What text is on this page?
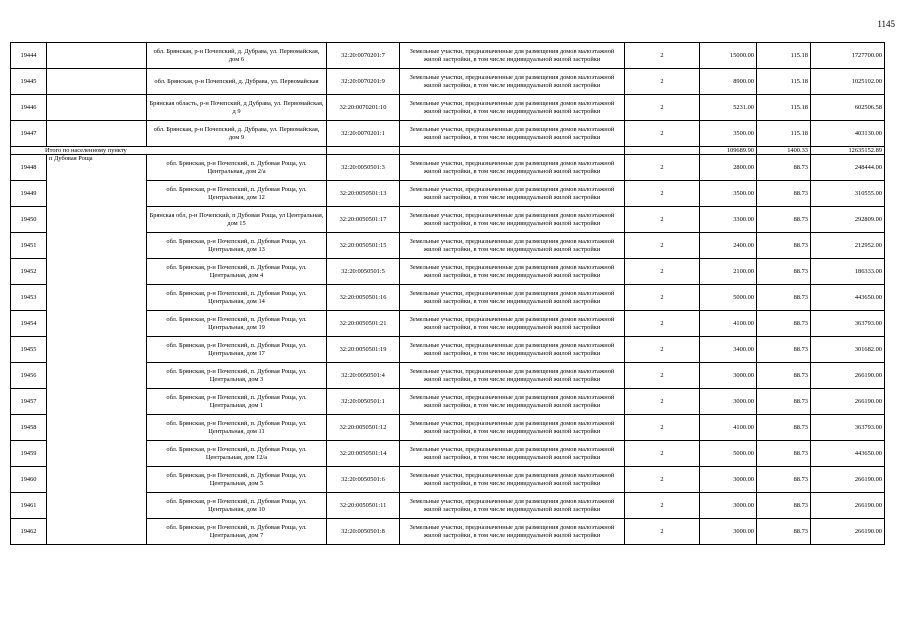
1145
19444		обл. Брянская, р-н Почепский, д. Дубрава, ул. Первомайская, дом 6	32:20:0070201:7	Земельные участки, предназначенные для размещения домов малоэтажной жилой застройки, в том числе индивидуальной жилой застройки	2	15000.00	115.18	1727700.00
19445		обл. Брянская, р-н Почепский, д. Дубрава, ул. Первомайская	32:20:0070201:9	Земельные участки, предназначенные для размещения домов малоэтажной жилой застройки, в том числе индивидуальной жилой застройки	2	8900.00	115.18	1025102.00
19446		Брянская область, р-н Почепский, д Дубрава, ул. Первомайская, д 9	32:20:0070201:10	Земельные участки, предназначенные для размещения домов малоэтажной жилой застройки, в том числе индивидуальной жилой застройки	2	5231.00	115.18	602506.58
19447		обл. Брянская, р-н Почепский, д. Дубрава, ул. Первомайская, дом 9	32:20:0070201:1	Земельные участки, предназначенные для размещения домов малоэтажной жилой застройки, в том числе индивидуальной жилой застройки	2	3500.00	115.18	403130.00
Итого по населенному пункту						109689.90	1400.33	12635152.89
19448	п Дубовая Роща	обл. Брянская, р-н Почепский, п. Дубовая Роща, ул. Центральная, дом 2/а	32:20:0050501:3	Земельные участки, предназначенные для размещения домов малоэтажной жилой застройки, в том числе индивидуальной жилой застройки	2	2800.00	88.73	248444.00
19449		обл. Брянская, р-н Почепский, п. Дубовая Роща, ул. Центральная, дом 12	32:20:0050501:13	Земельные участки, предназначенные для размещения домов малоэтажной жилой застройки, в том числе индивидуальной жилой застройки	2	3500.00	88.73	310555.00
19450		Брянская обл, р-н Почепский, п Дубовая Роща, ул Центральная, дом 15	32:20:0050501:17	Земельные участки, предназначенные для размещения домов малоэтажной жилой застройки, в том числе индивидуальной жилой застройки	2	3300.00	88.73	292809.00
19451		обл. Брянская, р-н Почепский, п. Дубовая Роща, ул. Центральная, дом 13	32:20:0050501:15	Земельные участки, предназначенные для размещения домов малоэтажной жилой застройки, в том числе индивидуальной жилой застройки	2	2400.00	88.73	212952.00
19452		обл. Брянская, р-н Почепский, п. Дубовая Роща, ул. Центральная, дом 4	32:20:0050501:5	Земельные участки, предназначенные для размещения домов малоэтажной жилой застройки, в том числе индивидуальной жилой застройки	2	2100.00	88.73	186333.00
19453		обл. Брянская, р-н Почепский, п. Дубовая Роща, ул. Центральная, дом 14	32:20:0050501:16	Земельные участки, предназначенные для размещения домов малоэтажной жилой застройки, в том числе индивидуальной жилой застройки	2	5000.00	88.73	443650.00
19454		обл. Брянская, р-н Почепский, п. Дубовая Роща, ул. Центральная, дом 19	32:20:0050501:21	Земельные участки, предназначенные для размещения домов малоэтажной жилой застройки, в том числе индивидуальной жилой застройки	2	4100.00	88.73	363793.00
19455		обл. Брянская, р-н Почепский, п. Дубовая Роща, ул. Центральная, дом 17	32:20:0050501:19	Земельные участки, предназначенные для размещения домов малоэтажной жилой застройки, в том числе индивидуальной жилой застройки	2	3400.00	88.73	301682.00
19456		обл. Брянская, р-н Почепский, п. Дубовая Роща, ул. Центральная, дом 3	32:20:0050501:4	Земельные участки, предназначенные для размещения домов малоэтажной жилой застройки, в том числе индивидуальной жилой застройки	2	3000.00	88.73	266190.00
19457		обл. Брянская, р-н Почепский, п. Дубовая Роща, ул. Центральная, дом 1	32:20:0050501:1	Земельные участки, предназначенные для размещения домов малоэтажной жилой застройки, в том числе индивидуальной жилой застройки	2	3000.00	88.73	266190.00
19458		обл. Брянская, р-н Почепский, п. Дубовая Роща, ул. Центральная, дом 11	32:20:0050501:12	Земельные участки, предназначенные для размещения домов малоэтажной жилой застройки, в том числе индивидуальной жилой застройки	2	4100.00	88.73	363793.00
19459		обл. Брянская, р-н Почепский, п. Дубовая Роща, ул. Центральная, дом 12/а	32:20:0050501:14	Земельные участки, предназначенные для размещения домов малоэтажной жилой застройки, в том числе индивидуальной жилой застройки	2	5000.00	88.73	443650.00
19460		обл. Брянская, р-н Почепский, п. Дубовая Роща, ул. Центральная, дом 5	32:20:0050501:6	Земельные участки, предназначенные для размещения домов малоэтажной жилой застройки, в том числе индивидуальной жилой застройки	2	3000.00	88.73	266190.00
19461		обл. Брянская, р-н Почепский, п. Дубовая Роща, ул. Центральная, дом 10	32:20:0050501:11	Земельные участки, предназначенные для размещения домов малоэтажной жилой застройки, в том числе индивидуальной жилой застройки	2	3000.00	88.73	266190.00
19462		обл. Брянская, р-н Почепский, п. Дубовая Роща, ул. Центральная, дом 7	32:20:0050501:8	Земельные участки, предназначенные для размещения домов малоэтажной жилой застройки, в том числе индивидуальной жилой застройки	2	3000.00	88.73	266190.00
